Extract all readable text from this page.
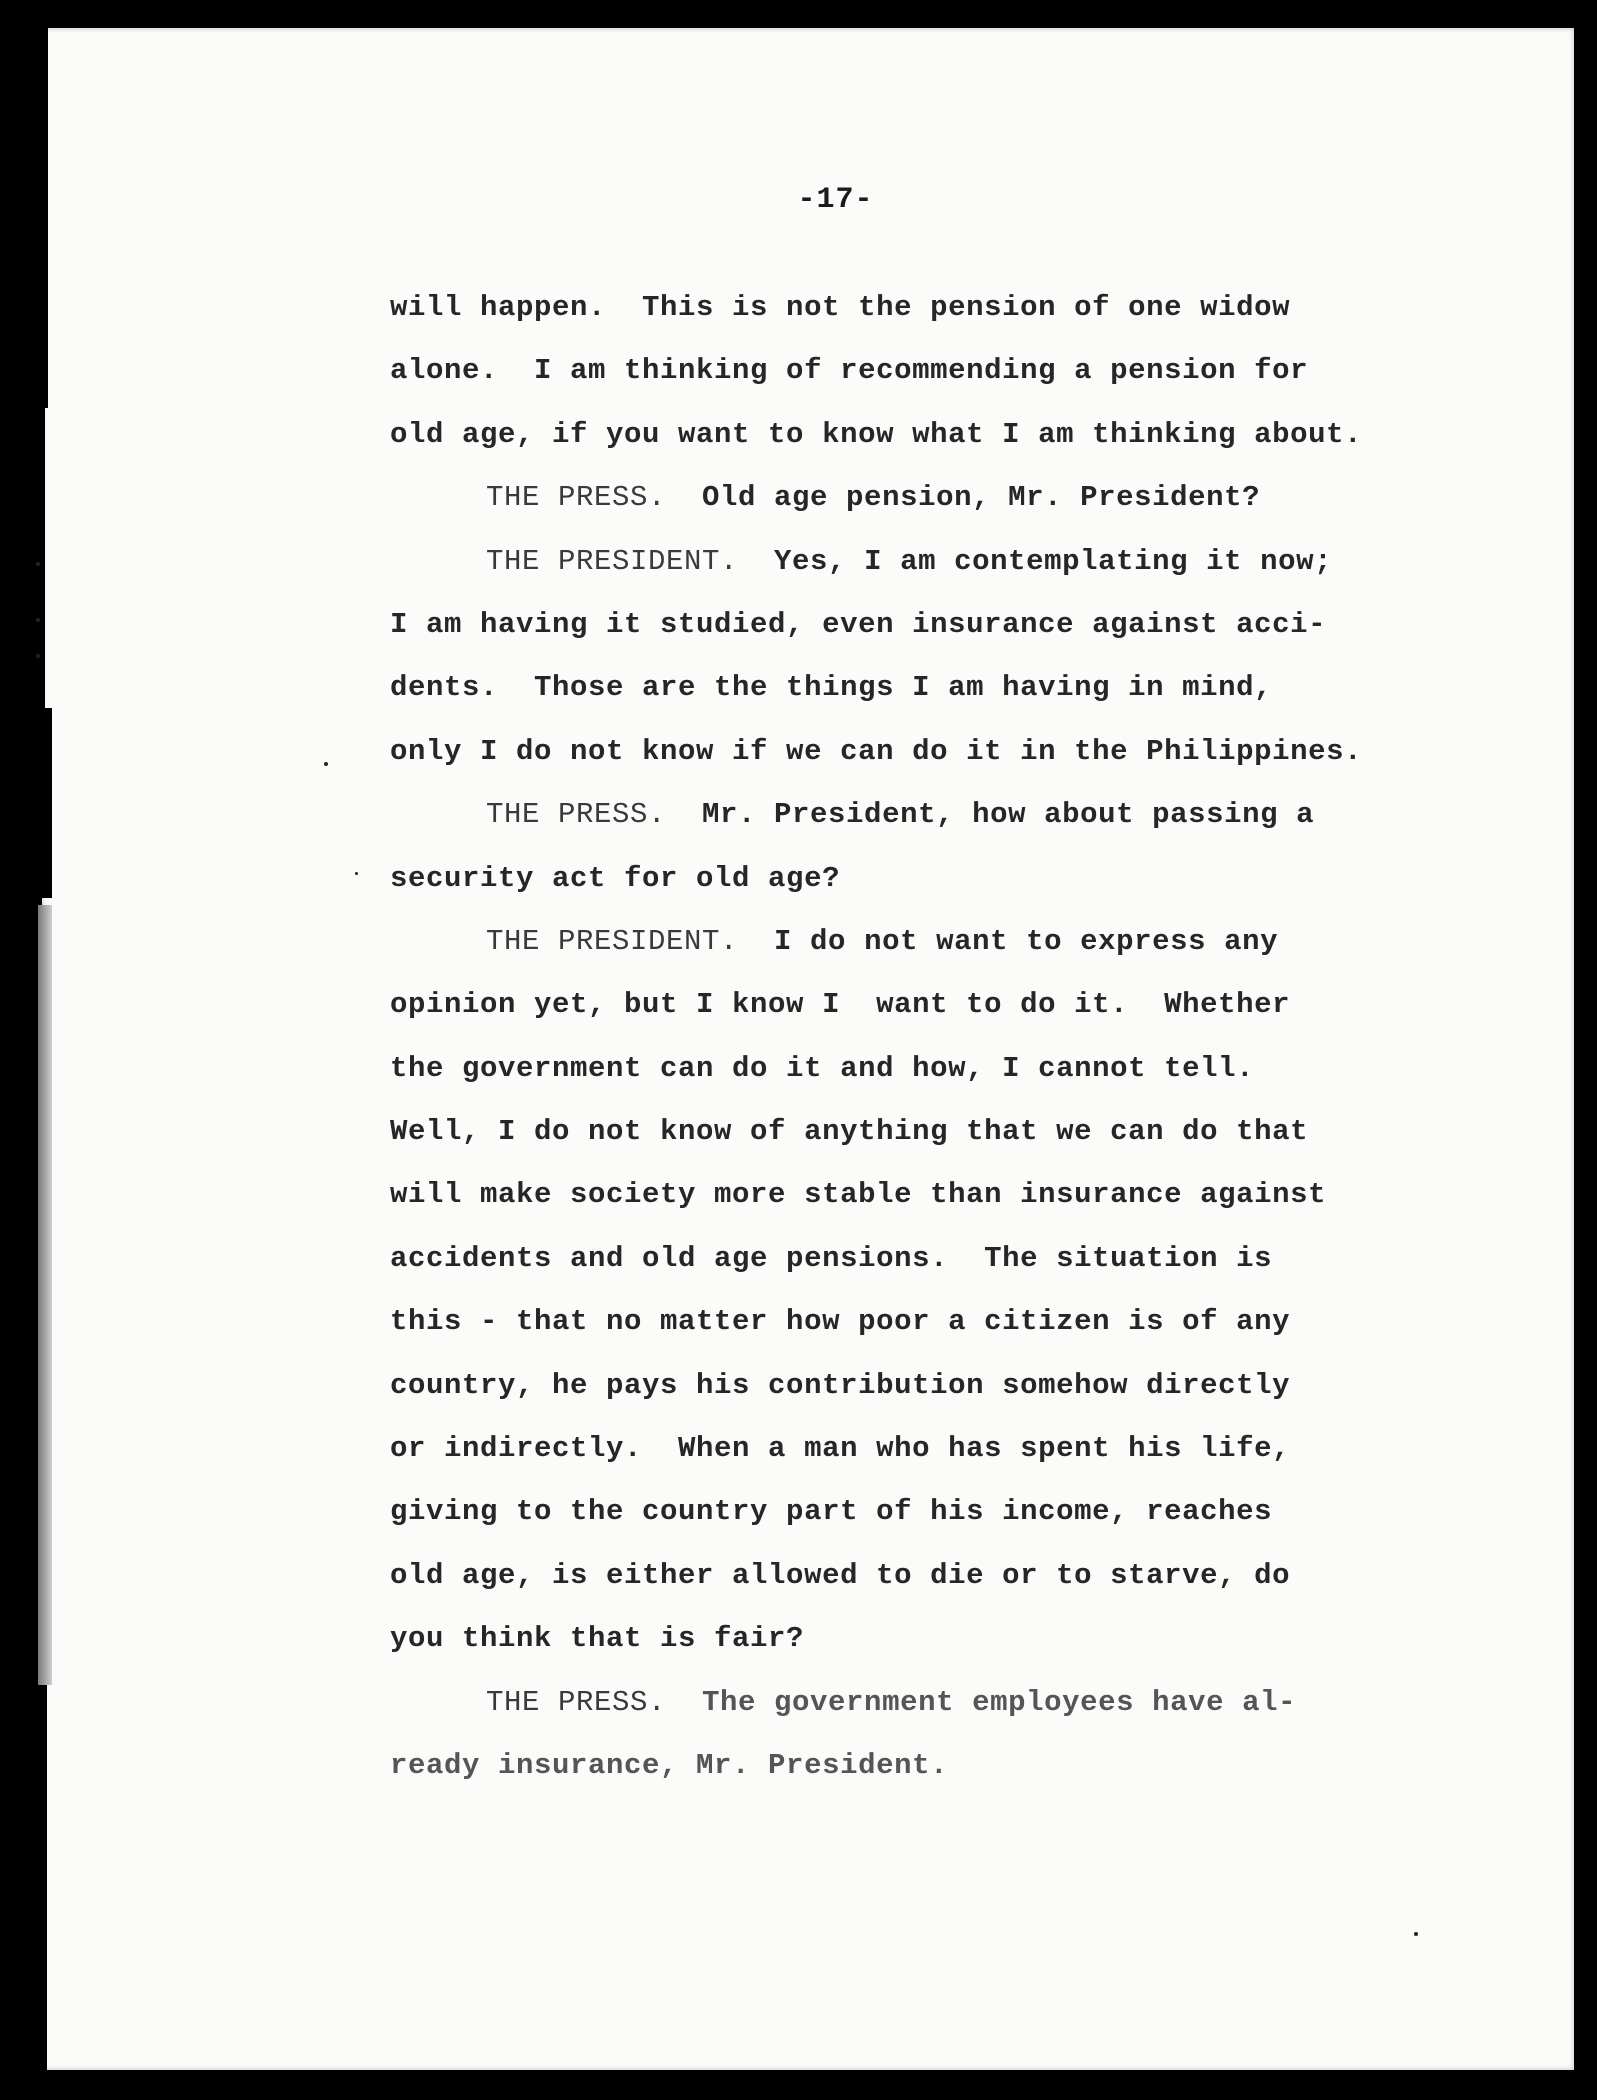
-17-
will happen.  This is not the pension of one widow
alone.  I am thinking of recommending a pension for
old age, if you want to know what I am thinking about.
THE PRESS.  Old age pension, Mr. President?
THE PRESIDENT.  Yes, I am contemplating it now;
I am having it studied, even insurance against acci-
dents.  Those are the things I am having in mind,
only I do not know if we can do it in the Philippines.
THE PRESS.  Mr. President, how about passing a
security act for old age?
THE PRESIDENT.  I do not want to express any
opinion yet, but I know I  want to do it.  Whether
the government can do it and how, I cannot tell.
Well, I do not know of anything that we can do that
will make society more stable than insurance against
accidents and old age pensions.  The situation is
this - that no matter how poor a citizen is of any
country, he pays his contribution somehow directly
or indirectly.  When a man who has spent his life,
giving to the country part of his income, reaches
old age, is either allowed to die or to starve, do
you think that is fair?
THE PRESS.  The government employees have al-
ready insurance, Mr. President.
